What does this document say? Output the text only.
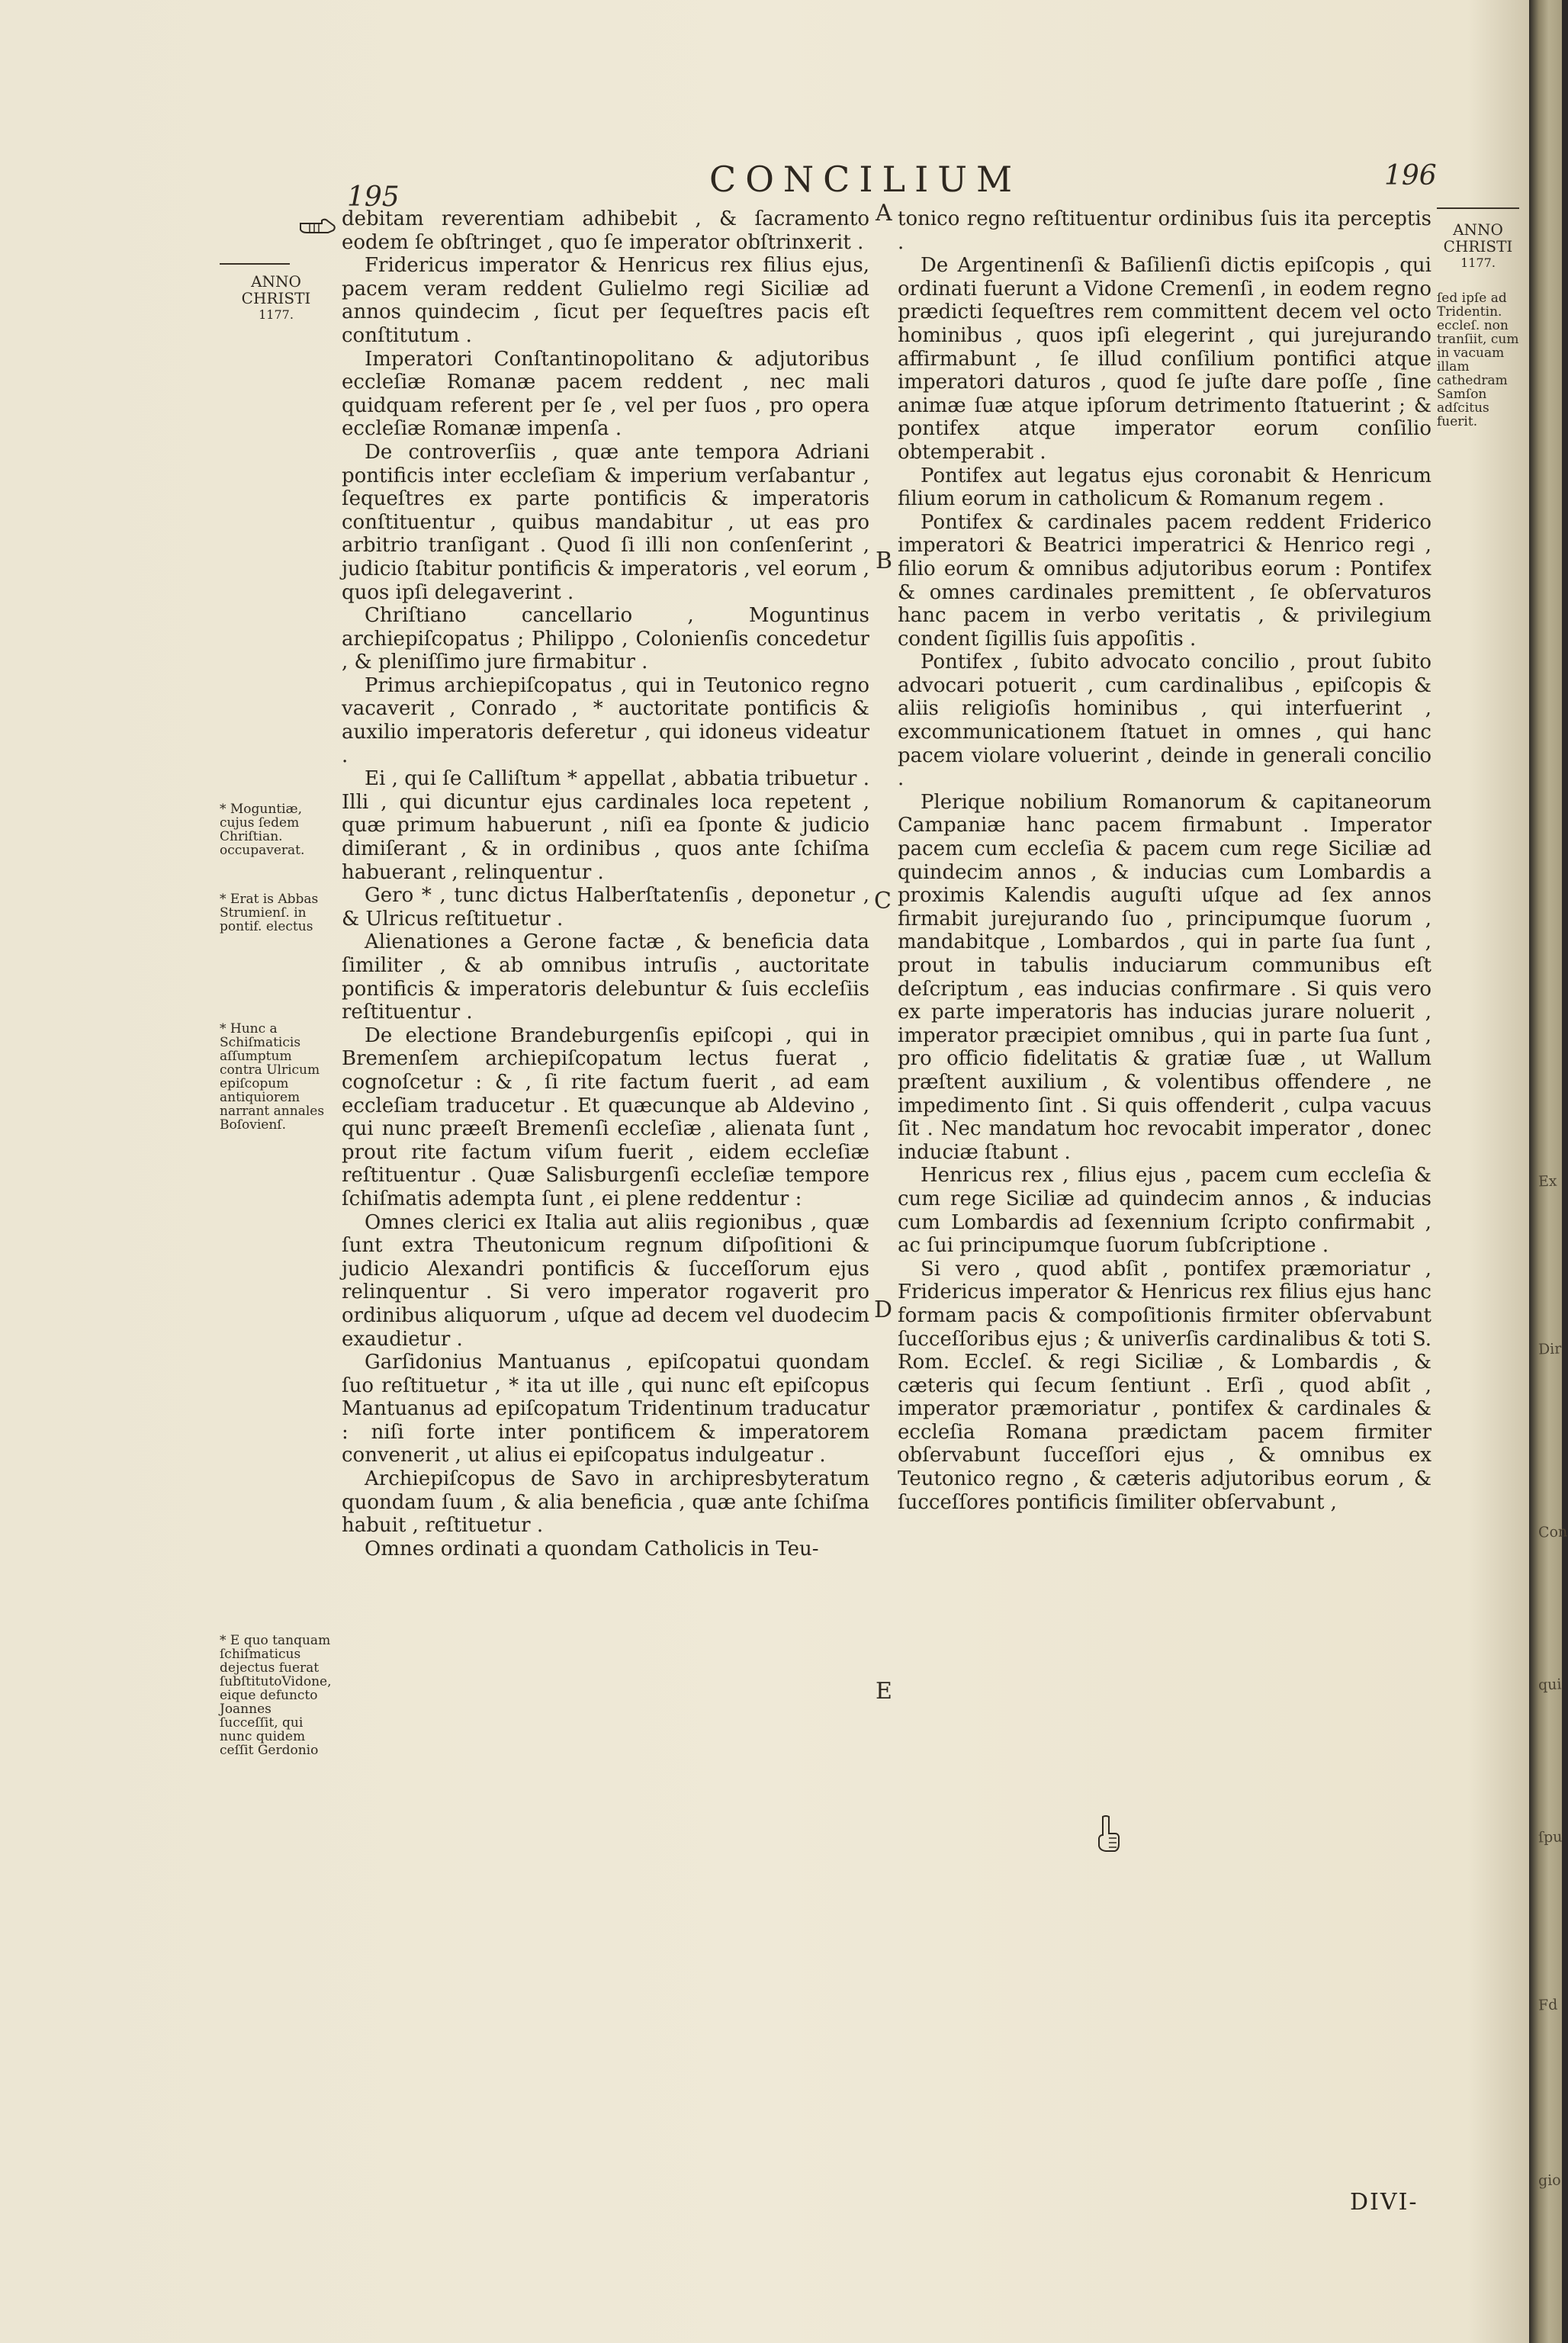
CONCILIUM
195
196
ANNO
CHRISTI
1177.
* Moguntiæ, cujus ſedem Chriſtian. occupaverat.
* Erat is Abbas Strumienſ. in pontif. electus
* Hunc a Schiſmaticis aſſumptum contra Ulricum epiſcopum antiquiorem narrant annales Boſovienſ.
* E quo tanquam ſchiſmaticus dejectus fuerat ſubſtitutoVidone, eique defuncto Joannes ſucceſſit, qui nunc quidem ceſſit Gerdonio
ANNO
CHRISTI
1177.
ſed ipſe ad Tridentin. eccleſ. non tranſiit, cum in vacuam illam cathedram Samſon adſcitus fuerit.
A
B
C
D
E

debitam reverentiam adhibebit , & ſacramento eodem ſe obſtringet , quo ſe imperator obſtrinxerit .

Fridericus imperator & Henricus rex filius ejus, pacem veram reddent Gulielmo regi Siciliæ ad annos quindecim , ſicut per ſequeſtres pacis eſt conſtitutum .

Imperatori Conſtantinopolitano & adjutoribus eccleſiæ Romanæ pacem reddent , nec mali quidquam referent per ſe , vel per ſuos , pro opera eccleſiæ Romanæ impenſa .

De controverſiis , quæ ante tempora Adriani pontificis inter eccleſiam & imperium verſabantur , ſequeſtres ex parte pontificis & imperatoris conſtituentur , quibus mandabitur , ut eas pro arbitrio tranſigant . Quod ſi illi non conſenſerint , judicio ſtabitur pontificis & imperatoris , vel eorum , quos ipſi delegaverint .

Chriſtiano cancellario , Moguntinus archiepiſcopatus ; Philippo , Colonienſis concedetur , & pleniſſimo jure firmabitur .

Primus archiepiſcopatus , qui in Teutonico regno vacaverit , Conrado , * auctoritate pontificis & auxilio imperatoris deferetur , qui idoneus videatur .

Ei , qui ſe Calliſtum * appellat , abbatia tribuetur . Illi , qui dicuntur ejus cardinales loca repetent , quæ primum habuerunt , niſi ea ſponte & judicio dimiſerant , & in ordinibus , quos ante ſchiſma habuerant , relinquentur .

Gero * , tunc dictus Halberſtatenſis , deponetur , & Ulricus reſtituetur .

Alienationes a Gerone factæ , & beneficia data ſimiliter , & ab omnibus intruſis , auctoritate pontificis & imperatoris delebuntur & ſuis eccleſiis reſtituentur .

De electione Brandeburgenſis epiſcopi , qui in Bremenſem archiepiſcopatum lectus fuerat , cognoſcetur : & , ſi rite factum fuerit , ad eam eccleſiam traducetur . Et quæcunque ab Aldevino , qui nunc præeſt Bremenſi eccleſiæ , alienata ſunt , prout rite factum viſum fuerit , eidem eccleſiæ reſtituentur . Quæ Salisburgenſi eccleſiæ tempore ſchiſmatis adempta ſunt , ei plene reddentur :

Omnes clerici ex Italia aut aliis regionibus , quæ ſunt extra Theutonicum regnum diſpoſitioni & judicio Alexandri pontificis & ſucceſſorum ejus relinquentur . Si vero imperator rogaverit pro ordinibus aliquorum , uſque ad decem vel duodecim exaudietur .

Garſidonius Mantuanus , epiſcopatui quondam ſuo reſtituetur , * ita ut ille , qui nunc eſt epiſcopus Mantuanus ad epiſcopatum Tridentinum traducatur : niſi forte inter pontificem & imperatorem convenerit , ut alius ei epiſcopatus indulgeatur .

Archiepiſcopus de Savo in archipresbyteratum quondam ſuum , & alia beneficia , quæ ante ſchiſma habuit , reſtituetur .

Omnes ordinati a quondam Catholicis in Teu-

tonico regno reſtituentur ordinibus ſuis ita perceptis .

De Argentinenſi & Baſilienſi dictis epiſcopis , qui ordinati fuerunt a Vidone Cremenſi , in eodem regno prædicti ſequeſtres rem committent decem vel octo hominibus , quos ipſi elegerint , qui jurejurando affirmabunt , ſe illud conſilium pontifici atque imperatori daturos , quod ſe juſte dare poſſe , ſine animæ ſuæ atque ipſorum detrimento ſtatuerint ; & pontifex atque imperator eorum conſilio obtemperabit .

Pontifex aut legatus ejus coronabit & Henricum filium eorum in catholicum & Romanum regem .

Pontifex & cardinales pacem reddent Friderico imperatori & Beatrici imperatrici & Henrico regi , filio eorum & omnibus adjutoribus eorum : Pontifex & omnes cardinales premittent , ſe obſervaturos hanc pacem in verbo veritatis , & privilegium condent ſigillis ſuis appoſitis .

Pontifex , ſubito advocato concilio , prout ſubito advocari potuerit , cum cardinalibus , epiſcopis & aliis religioſis hominibus , qui interfuerint , excommunicationem ſtatuet in omnes , qui hanc pacem violare voluerint , deinde in generali concilio .

Plerique nobilium Romanorum & capitaneorum Campaniæ hanc pacem firmabunt . Imperator pacem cum eccleſia & pacem cum rege Siciliæ ad quindecim annos , & inducias cum Lombardis a proximis Kalendis auguſti uſque ad ſex annos firmabit jurejurando ſuo , principumque ſuorum , mandabitque , Lombardos , qui in parte ſua ſunt , prout in tabulis induciarum communibus eſt deſcriptum , eas inducias confirmare . Si quis vero ex parte imperatoris has inducias jurare noluerit , imperator præcipiet omnibus , qui in parte ſua ſunt , pro officio fidelitatis & gratiæ ſuæ , ut Wallum præſtent auxilium , & volentibus offendere , ne impedimento ſint . Si quis offenderit , culpa vacuus ſit . Nec mandatum hoc revocabit imperator , donec induciæ ſtabunt .

Henricus rex , filius ejus , pacem cum eccleſia & cum rege Siciliæ ad quindecim annos , & inducias cum Lombardis ad ſexennium ſcripto confirmabit , ac ſui principumque ſuorum ſubſcriptione .

Si vero , quod abſit , pontifex præmoriatur , Fridericus imperator & Henricus rex filius ejus hanc formam pacis & compoſitionis firmiter obſervabunt ſucceſſoribus ejus ; & univerſis cardinalibus & toti S. Rom. Eccleſ. & regi Siciliæ , & Lombardis , & cæteris qui ſecum ſentiunt . Erſi , quod abſit , imperator præmoriatur , pontifex & cardinales & eccleſia Romana prædictam pacem firmiter obſervabunt ſucceſſori ejus , & omnibus ex Teutonico regno , & cæteris adjutoribus eorum , & ſucceſſores pontificis ſimiliter obſervabunt ,

DIVI-
Ex
Dir
Con
qui
ſpu
Fd
gio
